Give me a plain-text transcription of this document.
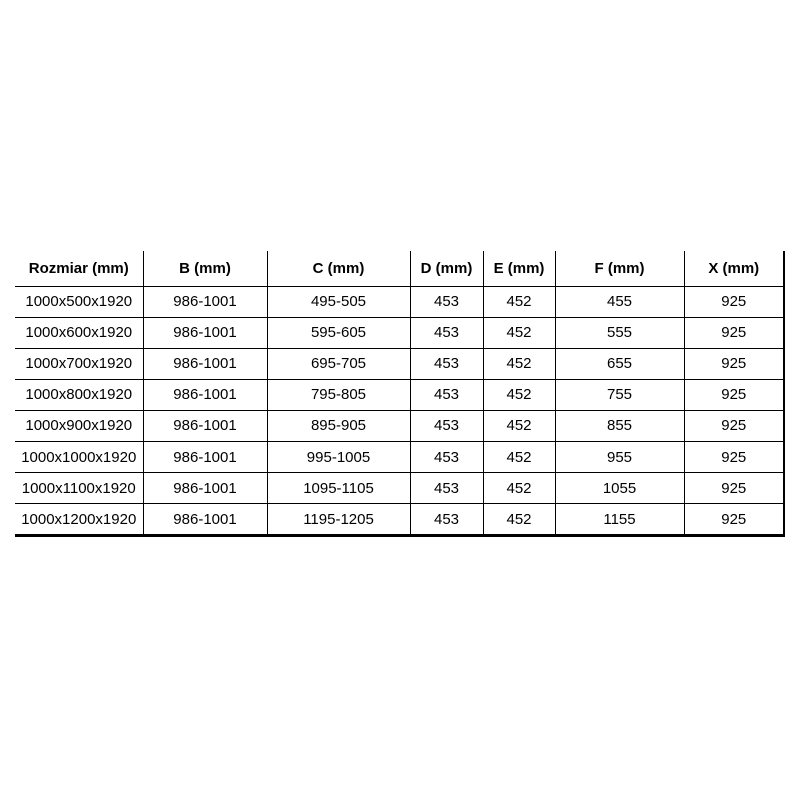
Rozmiar (mm)	B (mm)	C (mm)	D (mm)	E (mm)	F (mm)	X (mm)
1000x500x1920	986-1001	495-505	453	452	455	925
1000x600x1920	986-1001	595-605	453	452	555	925
1000x700x1920	986-1001	695-705	453	452	655	925
1000x800x1920	986-1001	795-805	453	452	755	925
1000x900x1920	986-1001	895-905	453	452	855	925
1000x1000x1920	986-1001	995-1005	453	452	955	925
1000x1100x1920	986-1001	1095-1105	453	452	1055	925
1000x1200x1920	986-1001	1195-1205	453	452	1155	925
